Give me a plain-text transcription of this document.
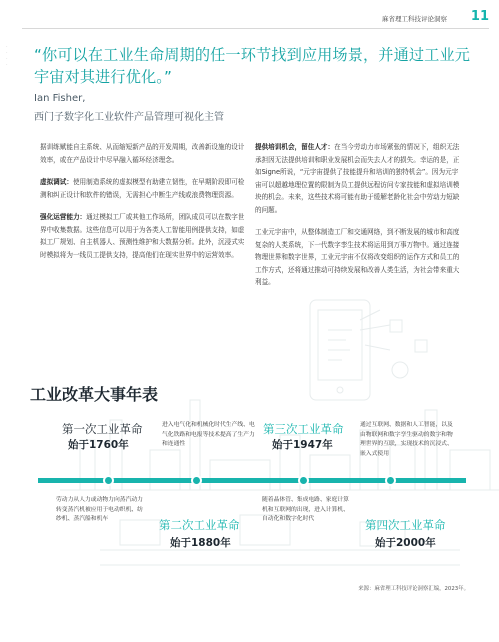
麻省理工科技评论洞察 11
·
·
·
·
“你可以在工业生命周期的任一环节找到应用场景，并通过工业元宇宙对其进行优化。”
Ian Fisher,
西门子数字化工业软件产品管理可视化主管

据训练赋能自主系统、从而缩短新产品的开发周期，改善新设施的设计效率，或在产品设计中尽早融入循环经济理念。

虚拟调试：使用制造系统的虚拟模型有助建立韧性，在早期阶段即可检测和纠正设计和软件的错误，无需担心中断生产线或浪费物理资源。

强化运营能力：通过模拟工厂或其他工作场所，团队成员可以在数字世界中收集数据。这些信息可以用于为各类人工智能用例提供支持，如虚拟工厂规划、自主机器人、预测性维护和大数据分析。此外，沉浸式实时模拟将为一线员工提供支持，提高他们在现实世界中的运营效率。

提供培训机会，留住人才：在当今劳动力市场紧张的情况下，组织无法承担因无法提供培训和职业发展机会而失去人才的损失。幸运的是，正如Signe所说，“元宇宙提供了技能提升和培训的独特机会”。因为元宇宙可以超越地理位置的限制为员工提供远程访问专家技能和虚拟培训模块的机会。未来，这些技术将可能有助于缓解老龄化社会中劳动力短缺的问题。

工业元宇宙中，从整体制造工厂和交通网络，到不断发展的城市和高度复杂的人类系统，下一代数字孪生技术将运用到万事万物中。通过连接物理世界和数字世界，工业元宇宙不仅将改变组织的运作方式和员工的工作方式，还将通过推动可持续发展和改善人类生活，为社会带来重大利益。

工业改革大事年表
第一次工业革命
始于1760年
劳动力从人力或动物力向蒸汽动力转变蒸汽机被应用于电动织机、纺纱机、蒸汽船和机车
进入电气化和机械化时代生产线、电气化铁路和电报等技术提高了生产力和连通性
第二次工业革命
始于1880年
第三次工业革命
始于1947年
随着晶体管、集成电路、家庭计算机和互联网的出现，进入计算机、自动化和数字化时代
通过互联网、数据和人工智能，以及由物联网和数字孪生驱动的数字和物理世界的互联，实现技术的沉浸式、嵌入式使用
第四次工业革命
始于2000年
来源：麻省理工科技评论洞察汇编，2023年。
